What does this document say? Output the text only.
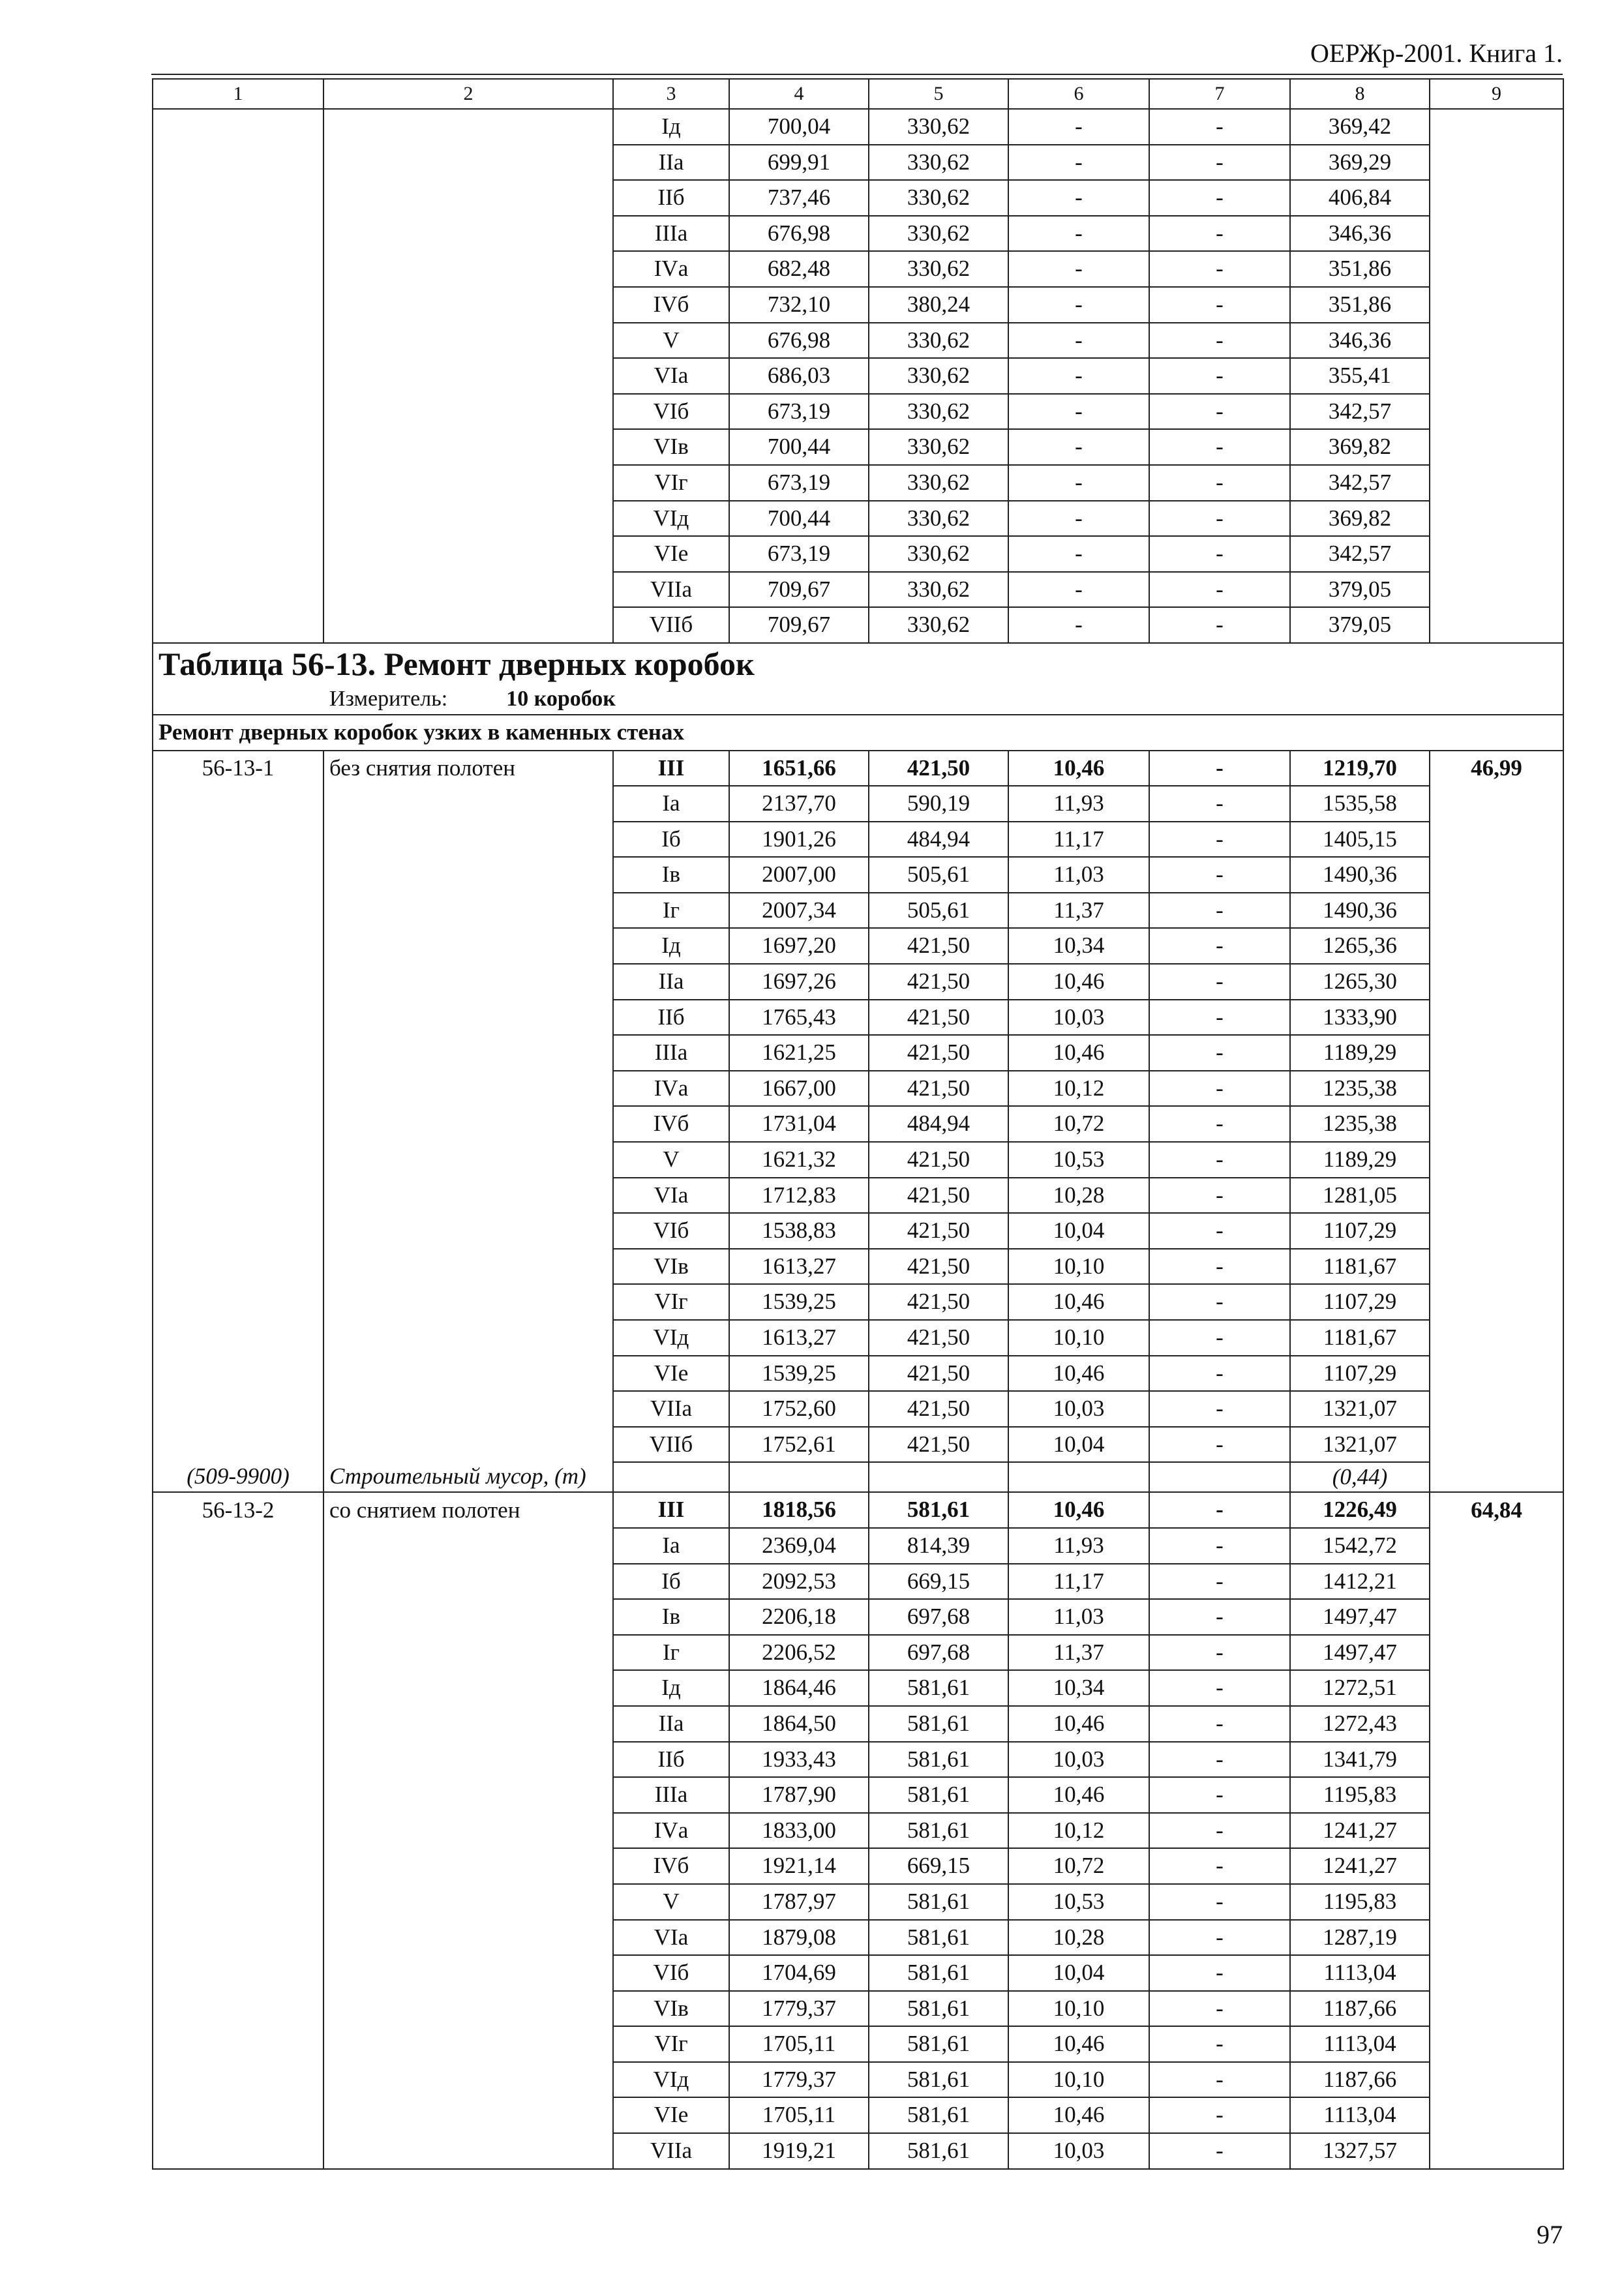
ОЕРЖр-2001. Книга 1.
1	2	3	4	5	6	7	8	9
		Iд	700,04	330,62	-	-	369,42	
		IIа	699,91	330,62	-	-	369,29	
		IIб	737,46	330,62	-	-	406,84	
		IIIа	676,98	330,62	-	-	346,36	
		IVа	682,48	330,62	-	-	351,86	
		IVб	732,10	380,24	-	-	351,86	
		V	676,98	330,62	-	-	346,36	
		VIа	686,03	330,62	-	-	355,41	
		VIб	673,19	330,62	-	-	342,57	
		VIв	700,44	330,62	-	-	369,82	
		VIг	673,19	330,62	-	-	342,57	
		VIд	700,44	330,62	-	-	369,82	
		VIе	673,19	330,62	-	-	342,57	
		VIIа	709,67	330,62	-	-	379,05	
		VIIб	709,67	330,62	-	-	379,05	

Таблица 56-13. Ремонт дверных коробок
Измеритель: 10 коробок								

Ремонт дверных коробок узких в каменных стенах								
56-13-1	без снятия полотен	III	1651,66	421,50	10,46	-	1219,70	46,99
		Iа	2137,70	590,19	11,93	-	1535,58	
		Iб	1901,26	484,94	11,17	-	1405,15	
		Iв	2007,00	505,61	11,03	-	1490,36	
		Iг	2007,34	505,61	11,37	-	1490,36	
		Iд	1697,20	421,50	10,34	-	1265,36	
		IIа	1697,26	421,50	10,46	-	1265,30	
		IIб	1765,43	421,50	10,03	-	1333,90	
		IIIа	1621,25	421,50	10,46	-	1189,29	
		IVа	1667,00	421,50	10,12	-	1235,38	
		IVб	1731,04	484,94	10,72	-	1235,38	
		V	1621,32	421,50	10,53	-	1189,29	
		VIа	1712,83	421,50	10,28	-	1281,05	
		VIб	1538,83	421,50	10,04	-	1107,29	
		VIв	1613,27	421,50	10,10	-	1181,67	
		VIг	1539,25	421,50	10,46	-	1107,29	
		VIд	1613,27	421,50	10,10	-	1181,67	
		VIе	1539,25	421,50	10,46	-	1107,29	
		VIIа	1752,60	421,50	10,03	-	1321,07	
		VIIб	1752,61	421,50	10,04	-	1321,07	
(509-9900)	Строительный мусор, (т)						(0,44)	
56-13-2	со снятием полотен	III	1818,56	581,61	10,46	-	1226,49	64,84
		Iа	2369,04	814,39	11,93	-	1542,72	
		Iб	2092,53	669,15	11,17	-	1412,21	
		Iв	2206,18	697,68	11,03	-	1497,47	
		Iг	2206,52	697,68	11,37	-	1497,47	
		Iд	1864,46	581,61	10,34	-	1272,51	
		IIа	1864,50	581,61	10,46	-	1272,43	
		IIб	1933,43	581,61	10,03	-	1341,79	
		IIIа	1787,90	581,61	10,46	-	1195,83	
		IVа	1833,00	581,61	10,12	-	1241,27	
		IVб	1921,14	669,15	10,72	-	1241,27	
		V	1787,97	581,61	10,53	-	1195,83	
		VIа	1879,08	581,61	10,28	-	1287,19	
		VIб	1704,69	581,61	10,04	-	1113,04	
		VIв	1779,37	581,61	10,10	-	1187,66	
		VIг	1705,11	581,61	10,46	-	1113,04	
		VIд	1779,37	581,61	10,10	-	1187,66	
		VIе	1705,11	581,61	10,46	-	1113,04	
		VIIа	1919,21	581,61	10,03	-	1327,57	
97
